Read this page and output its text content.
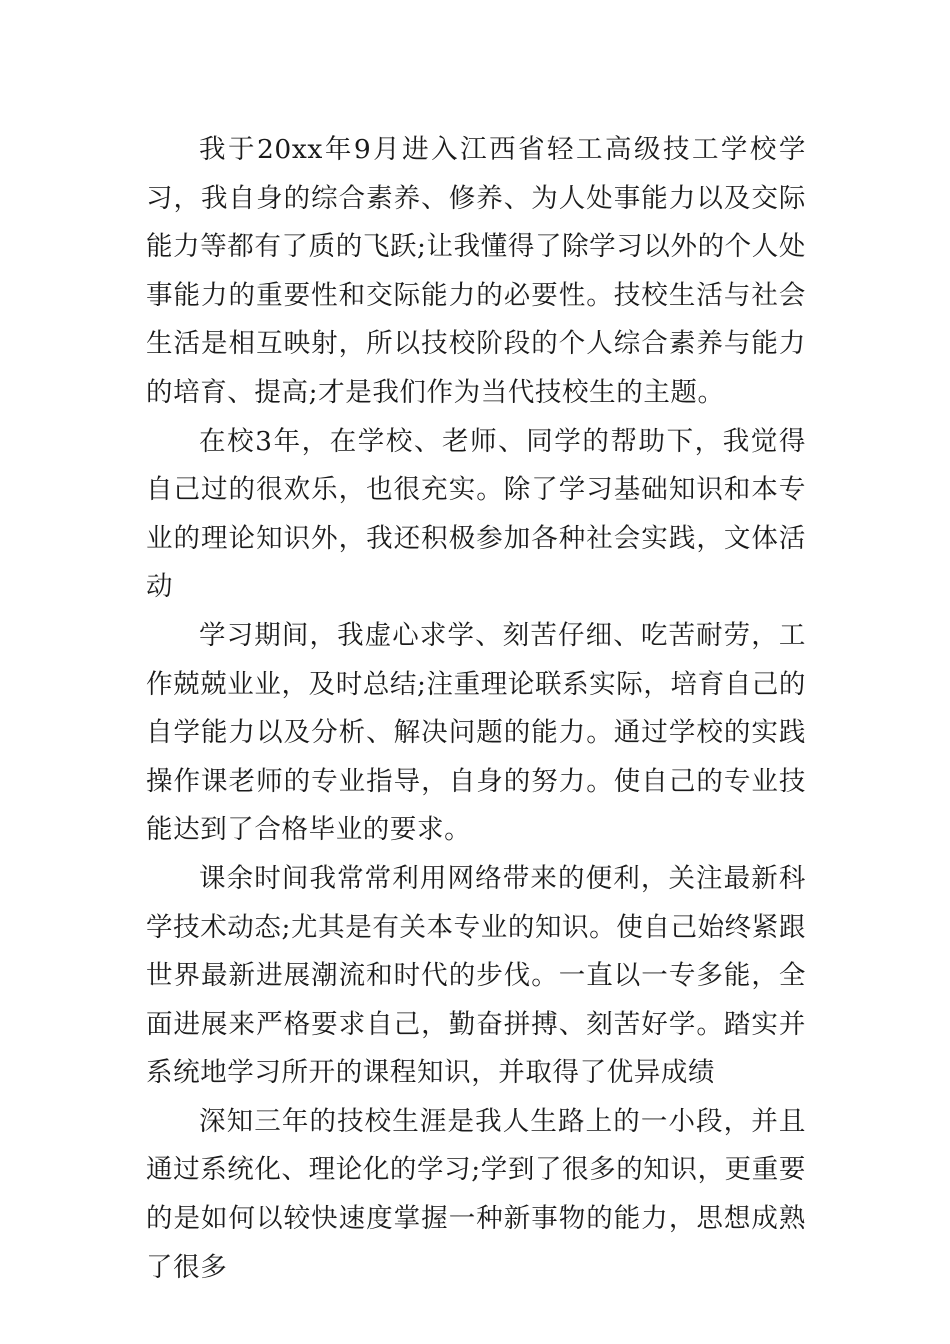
我于20xx年9月进入江西省轻工高级技工学校学习，我自身的综合素养、修养、为人处事能力以及交际能力等都有了质的飞跃;让我懂得了除学习以外的个人处事能力的重要性和交际能力的必要性。技校生活与社会生活是相互映射，所以技校阶段的个人综合素养与能力的培育、提高;才是我们作为当代技校生的主题。

在校3年，在学校、老师、同学的帮助下，我觉得自己过的很欢乐，也很充实。除了学习基础知识和本专业的理论知识外，我还积极参加各种社会实践，文体活动

学习期间，我虚心求学、刻苦仔细、吃苦耐劳，工作兢兢业业，及时总结;注重理论联系实际，培育自己的自学能力以及分析、解决问题的能力。通过学校的实践操作课老师的专业指导，自身的努力。使自己的专业技能达到了合格毕业的要求。

课余时间我常常利用网络带来的便利，关注最新科学技术动态;尤其是有关本专业的知识。使自己始终紧跟世界最新进展潮流和时代的步伐。一直以一专多能，全面进展来严格要求自己，勤奋拼搏、刻苦好学。踏实并系统地学习所开的课程知识，并取得了优异成绩

深知三年的技校生涯是我人生路上的一小段，并且通过系统化、理论化的学习;学到了很多的知识，更重要的是如何以较快速度掌握一种新事物的能力，思想成熟了很多
